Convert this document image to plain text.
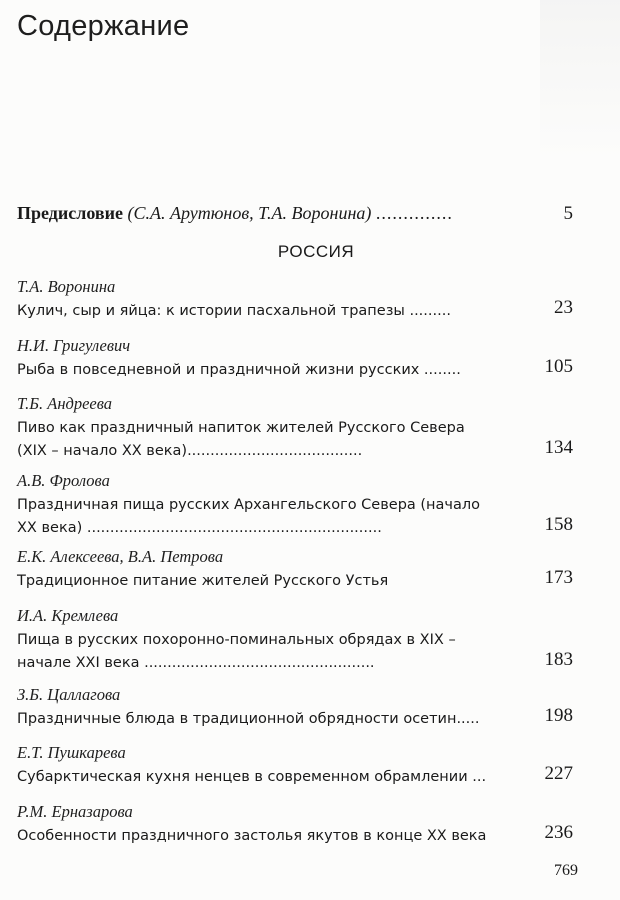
Содержание
Предисловие (С.А. Арутюнов, Т.А. Воронина) ..............	5
РОССИЯ
Т.А. Воронина
Кулич, сыр и яйца: к истории пасхальной трапезы .........	23
Н.И. Григулевич
Рыба в повседневной и праздничной жизни русских ........	105
Т.Б. Андреева
Пиво как праздничный напиток жителей Русского Севера
(XIX – начало XX века)......................................	134
А.В. Фролова
Праздничная пища русских Архангельского Севера (начало
XX века) ................................................................	158
Е.К. Алексеева, В.А. Петрова
Традиционное питание жителей Русского Устья	173
И.А. Кремлева
Пища в русских похоронно-поминальных обрядах в XIX –
начале XXI века ..................................................	183
З.Б. Цаллагова
Праздничные блюда в традиционной обрядности осетин.....	198
Е.Т. Пушкарева
Субарктическая кухня ненцев в современном обрамлении ...	227
Р.М. Ерназарова
Особенности праздничного застолья якутов в конце XX века	236
769
